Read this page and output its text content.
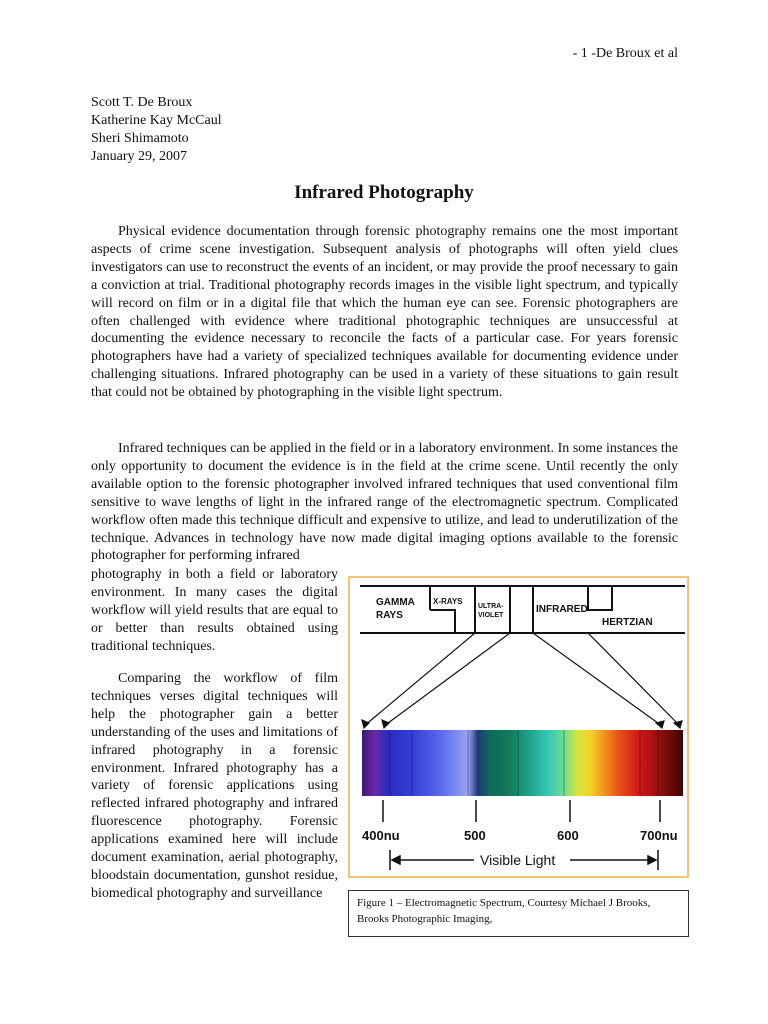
- 1 -De Broux et al
Scott T. De Broux
Katherine Kay McCaul
Sheri Shimamoto
January 29, 2007
Infrared Photography

Physical evidence documentation through forensic photography remains one the most important aspects of crime scene investigation. Subsequent analysis of photographs will often yield clues investigators can use to reconstruct the events of an incident, or may provide the proof necessary to gain a conviction at trial. Traditional photography records images in the visible light spectrum, and typically will record on film or in a digital file that which the human eye can see. Forensic photographers are often challenged with evidence where traditional photographic techniques are unsuccessful at documenting the evidence necessary to reconcile the facts of a particular case. For years forensic photographers have had a variety of specialized techniques available for documenting evidence under challenging situations. Infrared photography can be used in a variety of these situations to gain result that could not be obtained by photographing in the visible light spectrum.

Infrared techniques can be applied in the field or in a laboratory environment. In some instances the only opportunity to document the evidence is in the field at the crime scene. Until recently the only available option to the forensic photographer involved infrared techniques that used conventional film sensitive to wave lengths of light in the infrared range of the electromagnetic spectrum. Complicated workflow often made this technique difficult and expensive to utilize, and lead to underutilization of the technique. Advances in technology have now made digital imaging options available to the forensic photographer for performing infrared

photography in both a field or laboratory environment. In many cases the digital workflow will yield results that are equal to or better than results obtained using traditional techniques.

Comparing the workflow of film techniques verses digital techniques will help the photographer gain a better understanding of the uses and limitations of infrared photography in a forensic environment. Infrared photography has a variety of forensic applications using reflected infrared photography and infrared fluorescence photography. Forensic applications examined here will include document examination, aerial photography, bloodstain documentation, gunshot residue, biomedical photography and surveillance

GAMMA
RAYS
X-RAYS
ULTRA-
VIOLET
INFRARED
HERTZIAN
400nu	500	600	700nu
Visible Light
Figure 1 – Electromagnetic Spectrum, Courtesy Michael J Brooks, Brooks Photographic Imaging,
